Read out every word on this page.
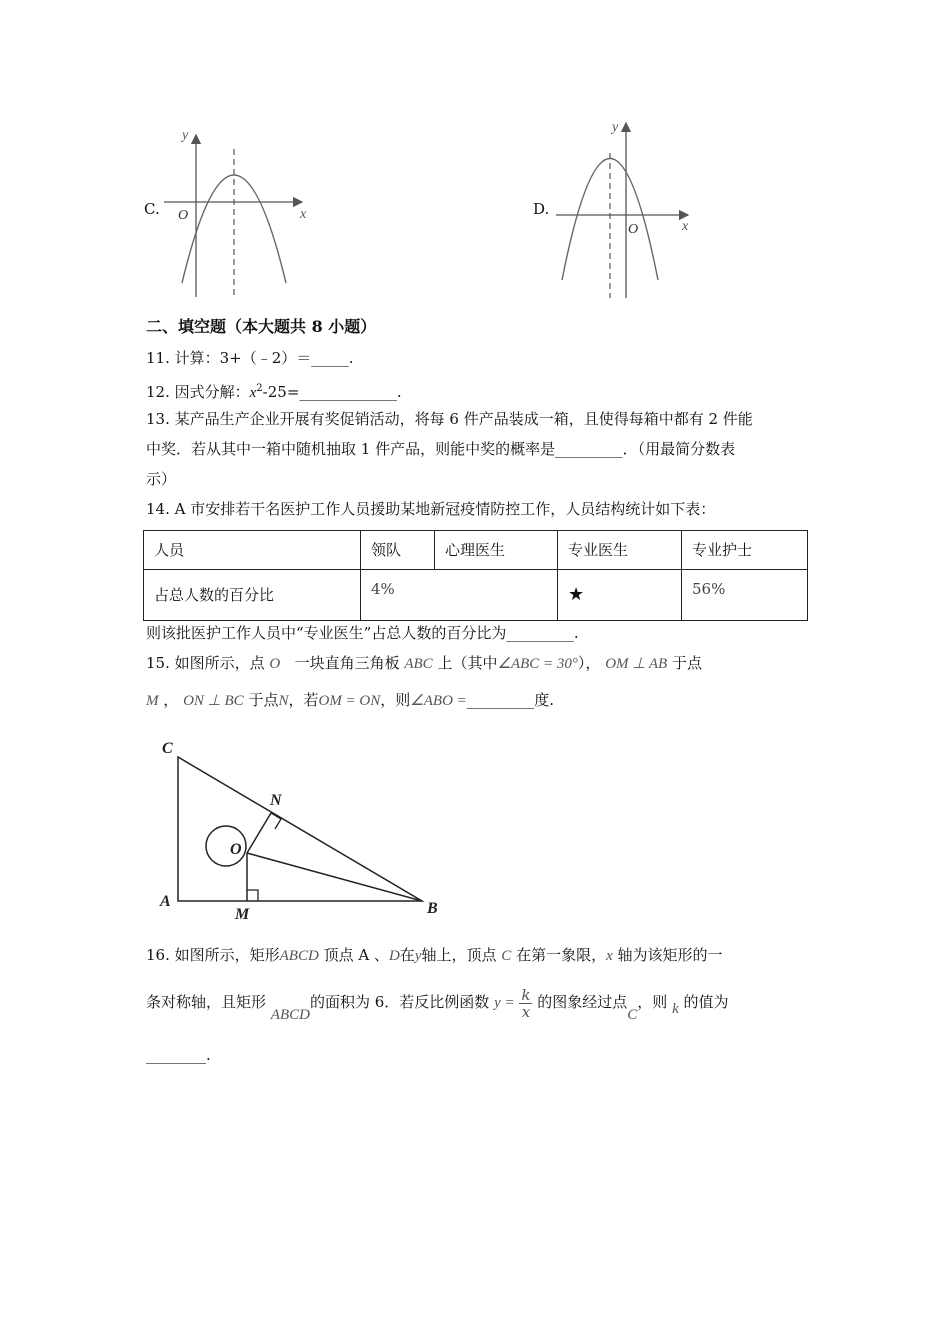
C.
y
x
O	D.
y
x
O
二、填空题（本大题共 8 小题）
11. 计算：3+（﹣2）＝_____.
12. 因式分解：$x^2-25=\_\_\_\_\_\_\_\_\_\_\_\_\_$.
13. 某产品生产企业开展有奖促销活动，将每 6 件产品装成一箱，且使得每箱中都有 2 件能
中奖．若从其中一箱中随机抽取 1 件产品，则能中奖的概率是_________．（用最简分数表
示）
14. A 市安排若干名医护工作人员援助某地新冠疫情防控工作，人员结构统计如下表：
人员	领队	心理医生	专业医生	专业护士
占总人数的百分比	4%		★	56%
则该批医护工作人员中“专业医生”占总人数的百分比为_________.
15. 如图所示，点 O 一块直角三角板 ABC 上（其中∠ABC = 30°）， OM ⊥ AB 于点
M ， ON ⊥ BC 于点N，若OM = ON，则∠ABO =_________度.
C
A	B
N
O
M
16. 如图所示，矩形ABCD 顶点 A 、D在y轴上，顶点 C 在第一象限，x 轴为该矩形的一
条对称轴，且矩形 ABCD的面积为 6．若反比例函数 $y = \frac{k}{x}$ 的图象经过点C，则 k 的值为
________.
